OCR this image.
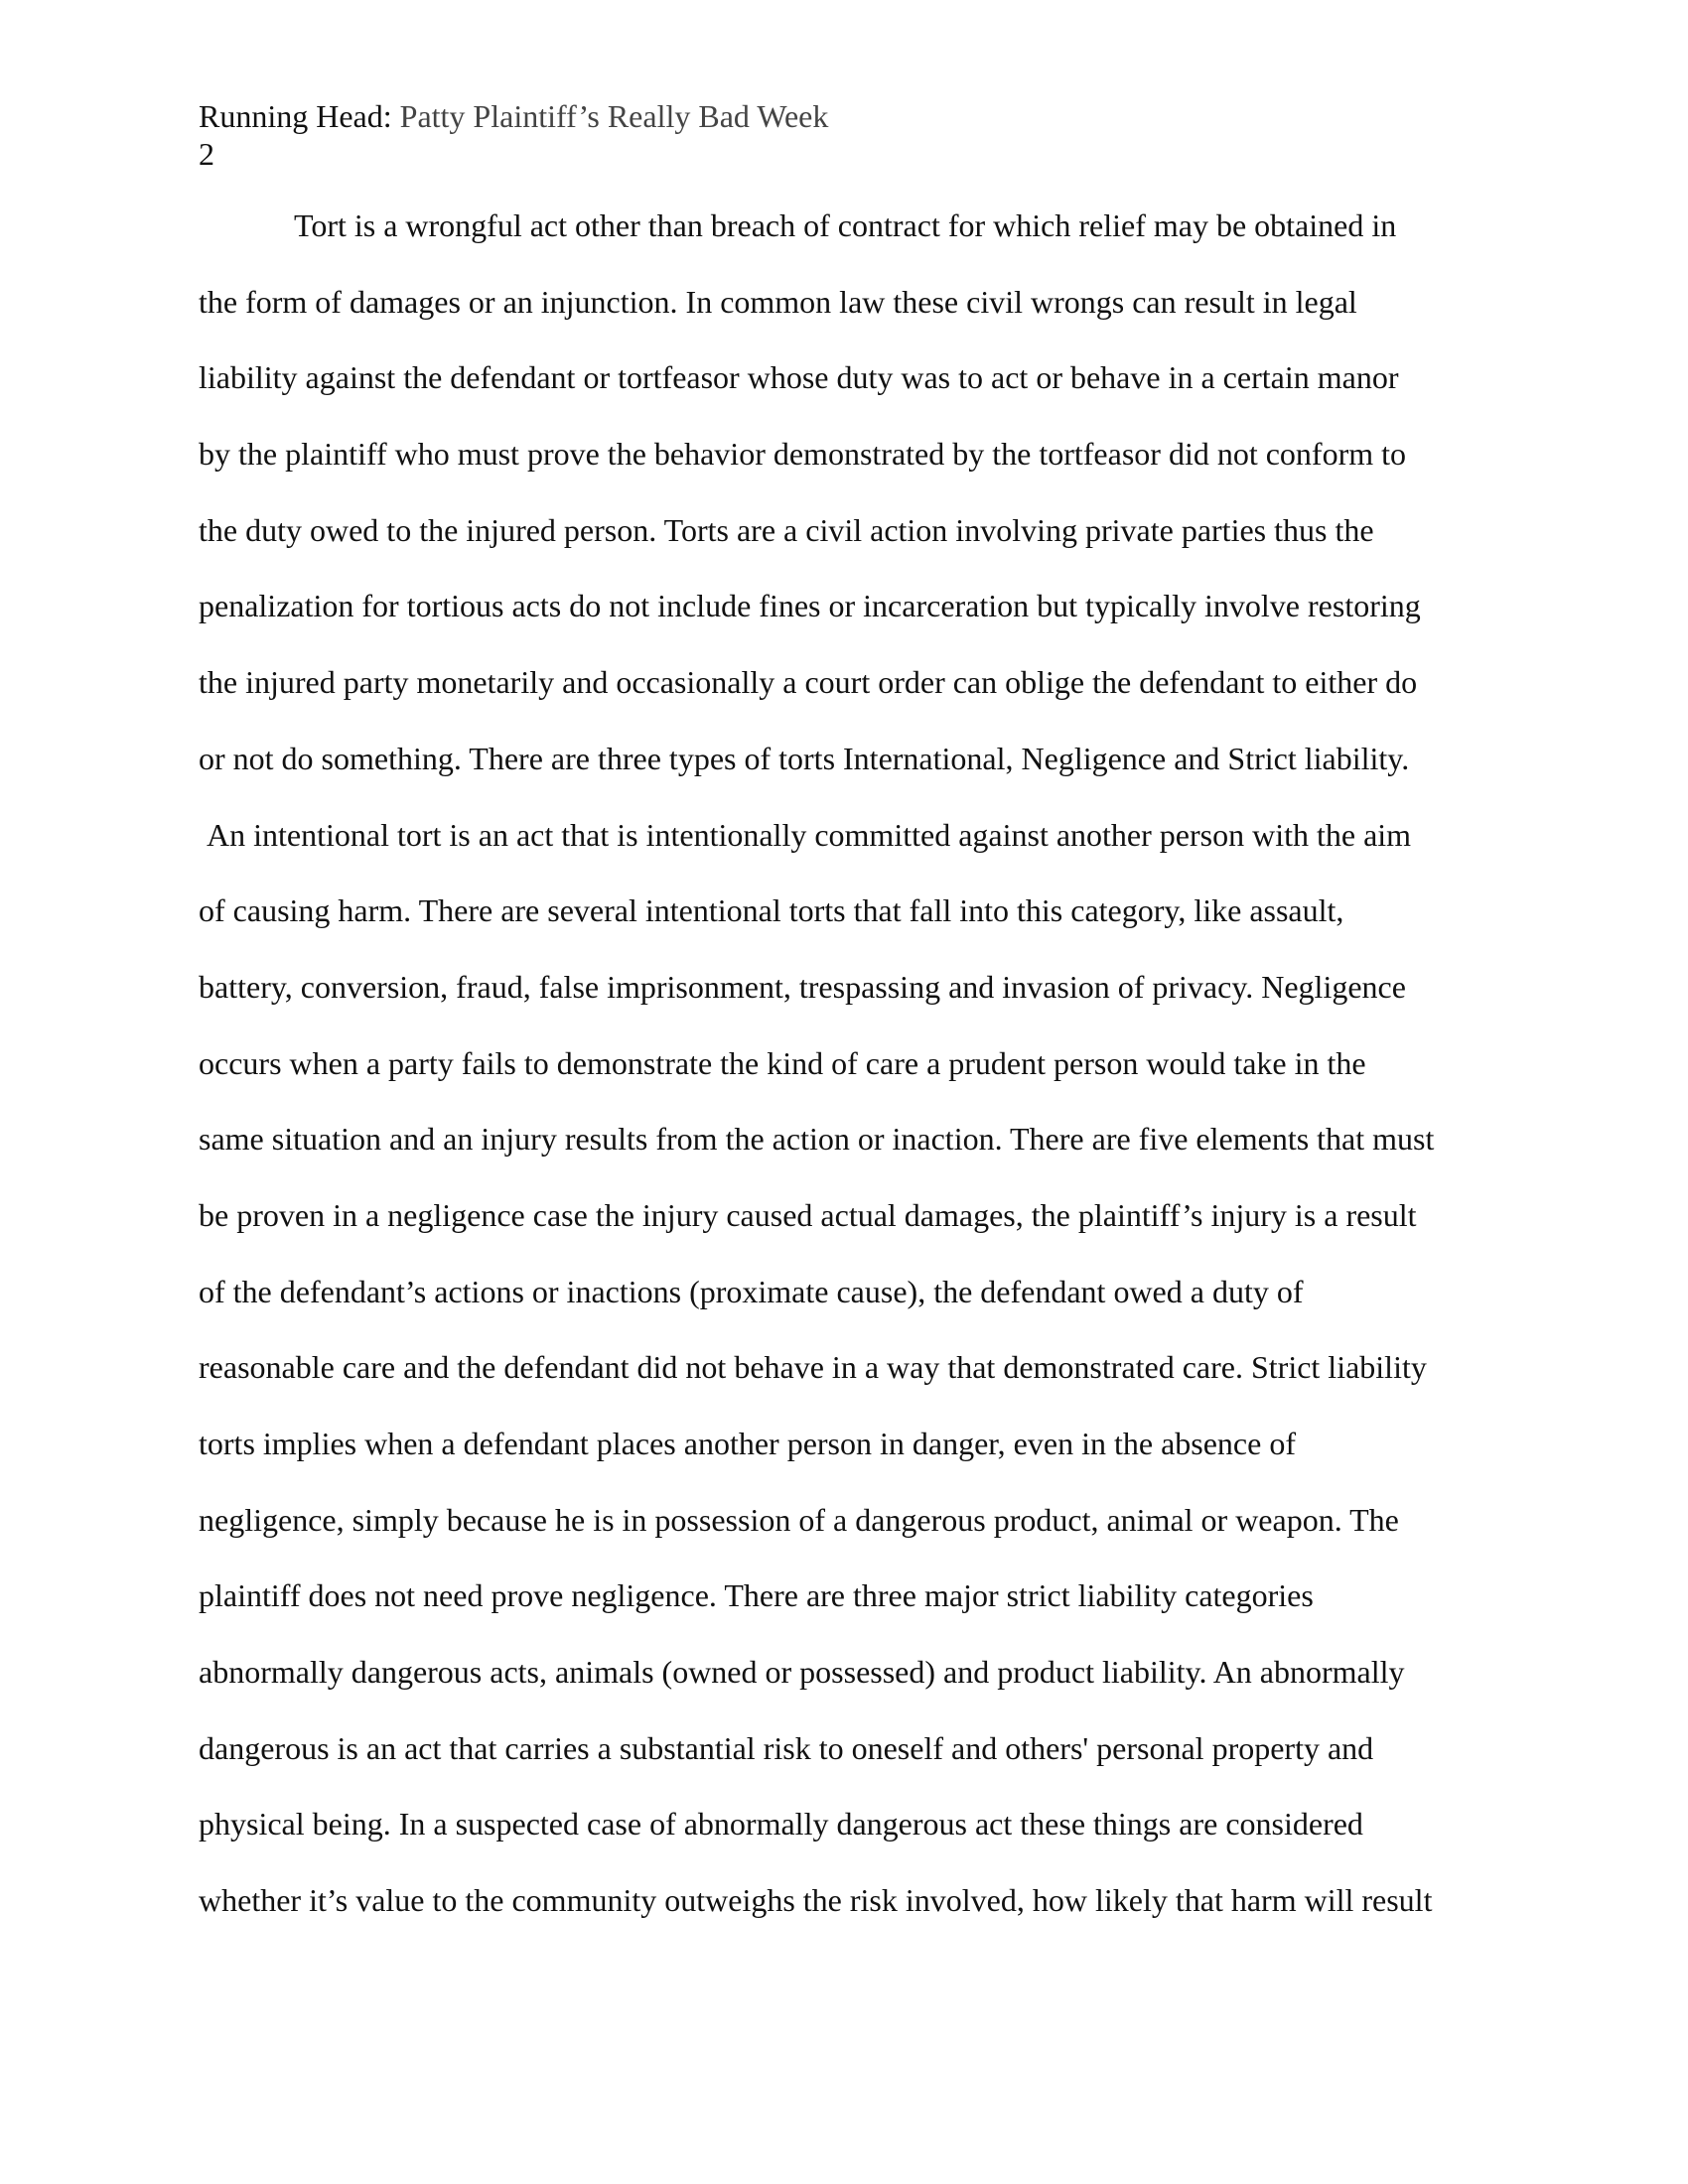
Running Head: Patty Plaintiff’s Really Bad Week
2
Tort is a wrongful act other than breach of contract for which relief may be obtained in
the form of damages or an injunction. In common law these civil wrongs can result in legal
liability against the defendant or tortfeasor whose duty was to act or behave in a certain manor
by the plaintiff who must prove the behavior demonstrated by the tortfeasor did not conform to
the duty owed to the injured person. Torts are a civil action involving private parties thus the
penalization for tortious acts do not include fines or incarceration but typically involve restoring
the injured party monetarily and occasionally a court order can oblige the defendant to either do
or not do something. There are three types of torts International, Negligence and Strict liability.
An intentional tort is an act that is intentionally committed against another person with the aim
of causing harm. There are several intentional torts that fall into this category, like assault,
battery, conversion, fraud, false imprisonment, trespassing and invasion of privacy. Negligence
occurs when a party fails to demonstrate the kind of care a prudent person would take in the
same situation and an injury results from the action or inaction. There are five elements that must
be proven in a negligence case the injury caused actual damages, the plaintiff’s injury is a result
of the defendant’s actions or inactions (proximate cause), the defendant owed a duty of
reasonable care and the defendant did not behave in a way that demonstrated care. Strict liability
torts implies when a defendant places another person in danger, even in the absence of
negligence, simply because he is in possession of a dangerous product, animal or weapon. The
plaintiff does not need prove negligence. There are three major strict liability categories
abnormally dangerous acts, animals (owned or possessed) and product liability. An abnormally
dangerous is an act that carries a substantial risk to oneself and others' personal property and
physical being. In a suspected case of abnormally dangerous act these things are considered
whether it’s value to the community outweighs the risk involved, how likely that harm will result
